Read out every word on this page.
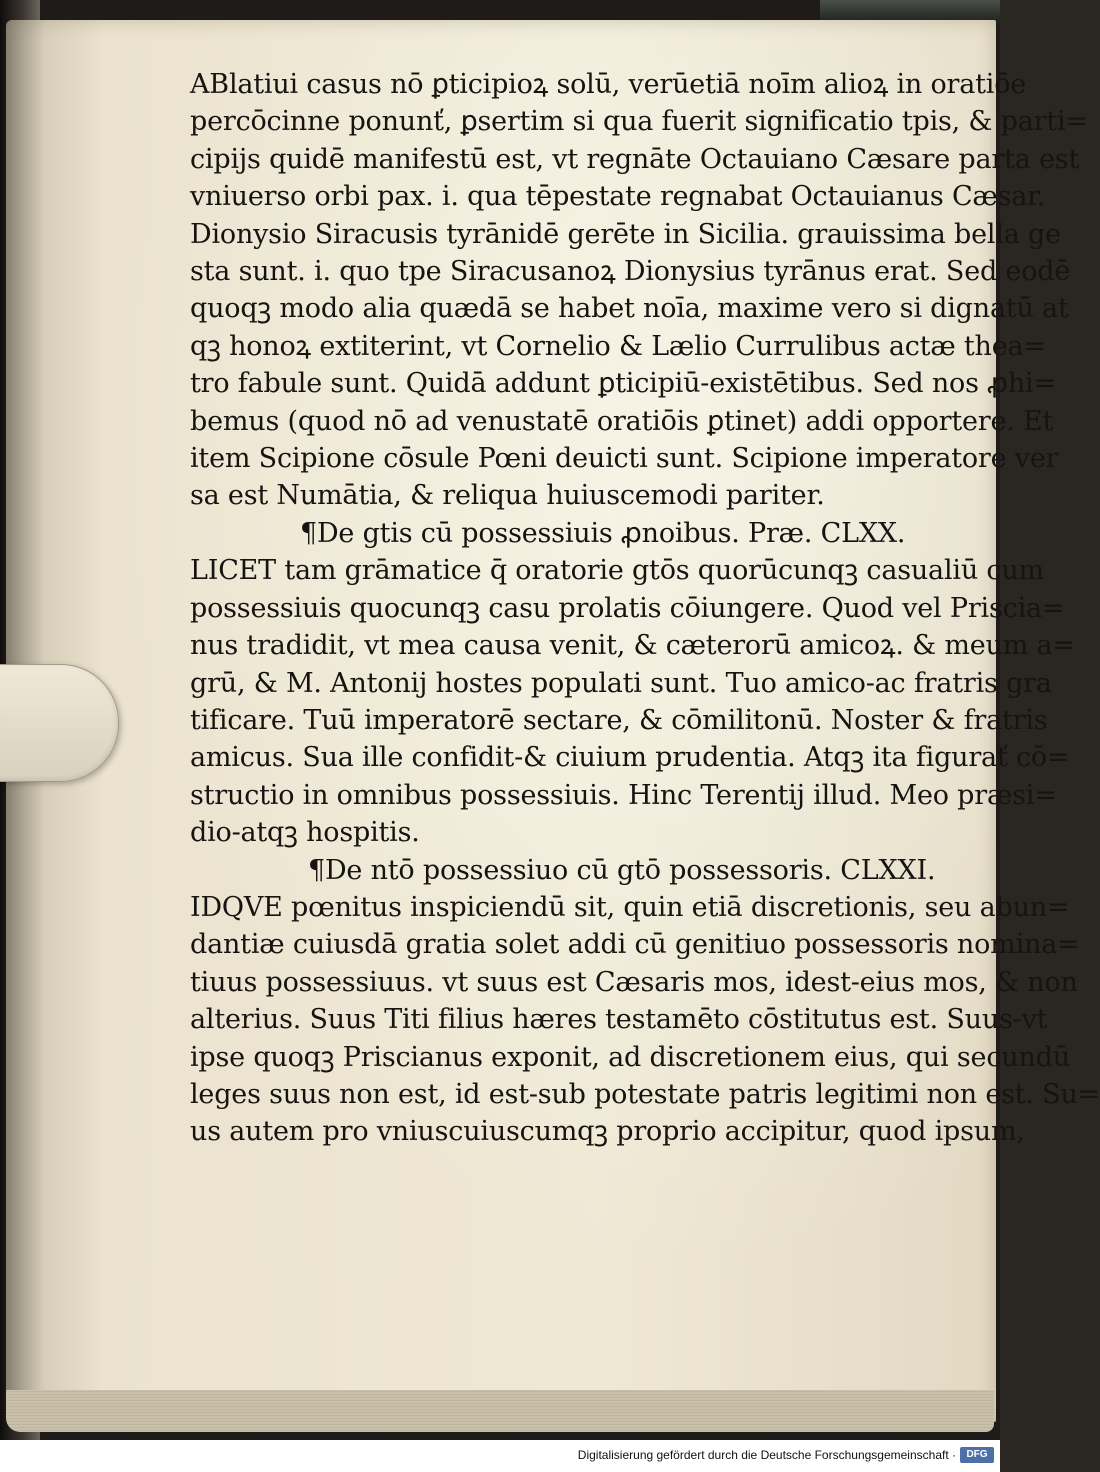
ABlatiui casus nō ꝑticipioꝝ solū, verūetiā noīm alioꝝ in oratiōe
percōcinne ponunť, ꝑsertim si qua fuerit significatio tpis, & parti=
cipijs quidē manifestū est, vt regnāte Octauiano Cæsare parta est
vniuerso orbi pax. i. qua tēpestate regnabat Octauianus Cæsar.
Dionysio Siracusis tyrānidē gerēte in Sicilia. grauissima bella ge
sta sunt. i. quo tpe Siracusanoꝝ Dionysius tyrānus erat. Sed eodē
quoqꝫ modo alia quædā se habet noīa, maxime vero si dignatū at
qꝫ honoꝝ extiterint, vt Cornelio & Lælio Currulibus actæ thea=
tro fabule sunt. Quidā addunt ꝑticipiū-existētibus. Sed nos ꝓhi=
bemus (quod nō ad venustatē oratiōis ꝑtinet) addi opportere. Et
item Scipione cōsule Pœni deuicti sunt. Scipione imperatore ver
sa est Numātia, & reliqua huiuscemodi pariter.
¶De gtis cū possessiuis ꝓnoibus. Præ. CLXX.
LICET tam grāmatice q̄ oratorie gtōs quorūcunqꝫ casualiū cum
possessiuis quocunqꝫ casu prolatis cōiungere. Quod vel Priscia=
nus tradidit, vt mea causa venit, & cæterorū amicoꝝ. & meum a=
grū, & M. Antonij hostes populati sunt. Tuo amico-ac fratris gra
tificare. Tuū imperatorē sectare, & cōmilitonū. Noster & fratris
amicus. Sua ille confidit-& ciuium prudentia. Atqꝫ ita figurať cō=
structio in omnibus possessiuis. Hinc Terentij illud. Meo præsi=
dio-atqꝫ hospitis.
¶De ntō possessiuo cū gtō possessoris. CLXXI.
IDQVE pœnitus inspiciendū sit, quin etiā discretionis, seu abun=
dantiæ cuiusdā gratia solet addi cū genitiuo possessoris nomina=
tiuus possessiuus. vt suus est Cæsaris mos, idest-eius mos, & non
alterius. Suus Titi filius hæres testamēto cōstitutus est. Suus-vt
ipse quoqꝫ Priscianus exponit, ad discretionem eius, qui secundū
leges suus non est, id est-sub potestate patris legitimi non est. Su=
us autem pro vniuscuiuscumqꝫ proprio accipitur, quod ipsum,
Digitalisierung gefördert durch die Deutsche Forschungsgemeinschaft ·	DFG
